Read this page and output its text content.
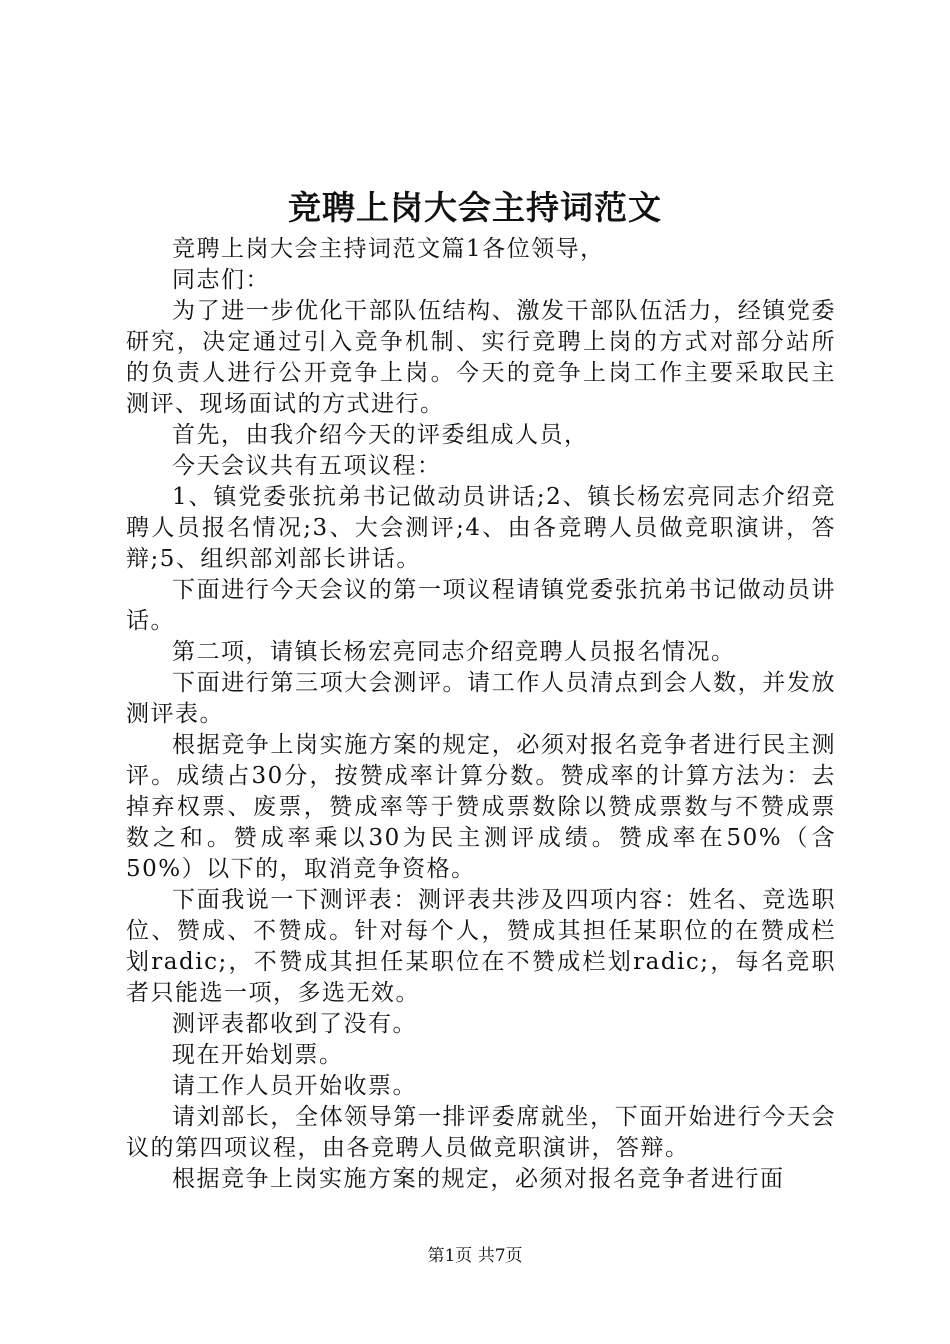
竞聘上岗大会主持词范文

竞聘上岗大会主持词范文篇1各位领导，

同志们：

为了进一步优化干部队伍结构、激发干部队伍活力，经镇党委研究，决定通过引入竞争机制、实行竞聘上岗的方式对部分站所的负责人进行公开竞争上岗。今天的竞争上岗工作主要采取民主测评、现场面试的方式进行。

首先，由我介绍今天的评委组成人员，

今天会议共有五项议程：

1、镇党委张抗弟书记做动员讲话;2、镇长杨宏亮同志介绍竞聘人员报名情况;3、大会测评;4、由各竞聘人员做竞职演讲，答辩;5、组织部刘部长讲话。

下面进行今天会议的第一项议程请镇党委张抗弟书记做动员讲话。

第二项，请镇长杨宏亮同志介绍竞聘人员报名情况。

下面进行第三项大会测评。请工作人员清点到会人数，并发放测评表。

根据竞争上岗实施方案的规定，必须对报名竞争者进行民主测评。成绩占30分，按赞成率计算分数。赞成率的计算方法为：去掉弃权票、废票，赞成率等于赞成票数除以赞成票数与不赞成票数之和。赞成率乘以30为民主测评成绩。赞成率在50%（含50%）以下的，取消竞争资格。

下面我说一下测评表：测评表共涉及四项内容：姓名、竞选职位、赞成、不赞成。针对每个人，赞成其担任某职位的在赞成栏划radic;，不赞成其担任某职位在不赞成栏划radic;，每名竞职者只能选一项，多选无效。

测评表都收到了没有。

现在开始划票。

请工作人员开始收票。

请刘部长，全体领导第一排评委席就坐，下面开始进行今天会议的第四项议程，由各竞聘人员做竞职演讲，答辩。

根据竞争上岗实施方案的规定，必须对报名竞争者进行面

第1页 共7页
